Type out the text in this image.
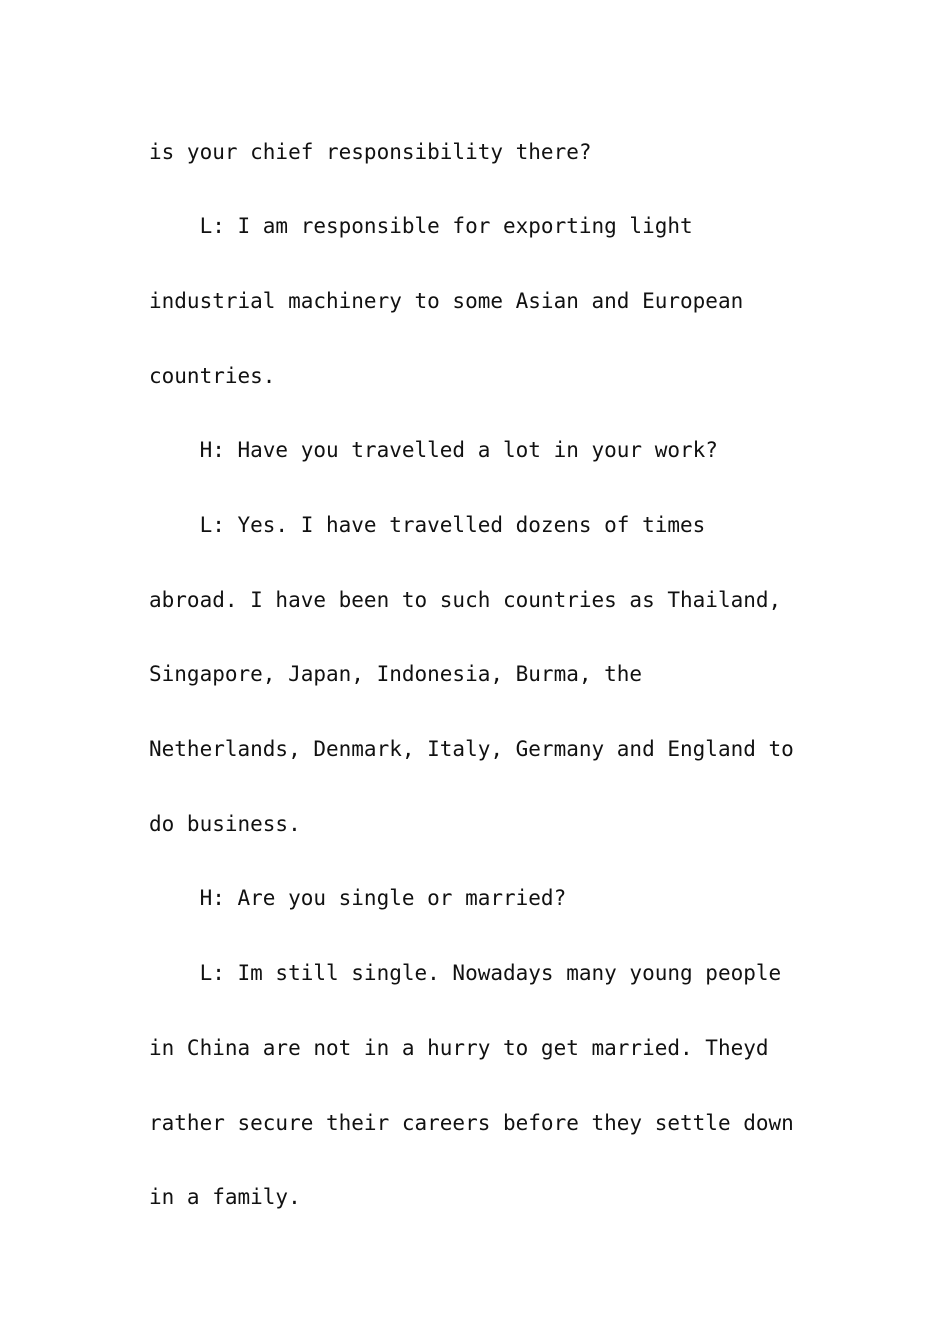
is your chief responsibility there?

L: I am responsible for exporting light

industrial machinery to some Asian and European

countries.

H: Have you travelled a lot in your work?

L: Yes. I have travelled dozens of times

abroad. I have been to such countries as Thailand,

Singapore, Japan, Indonesia, Burma, the

Netherlands, Denmark, Italy, Germany and England to

do business.

H: Are you single or married?

L: Im still single. Nowadays many young people

in China are not in a hurry to get married. Theyd

rather secure their careers before they settle down

in a family.
